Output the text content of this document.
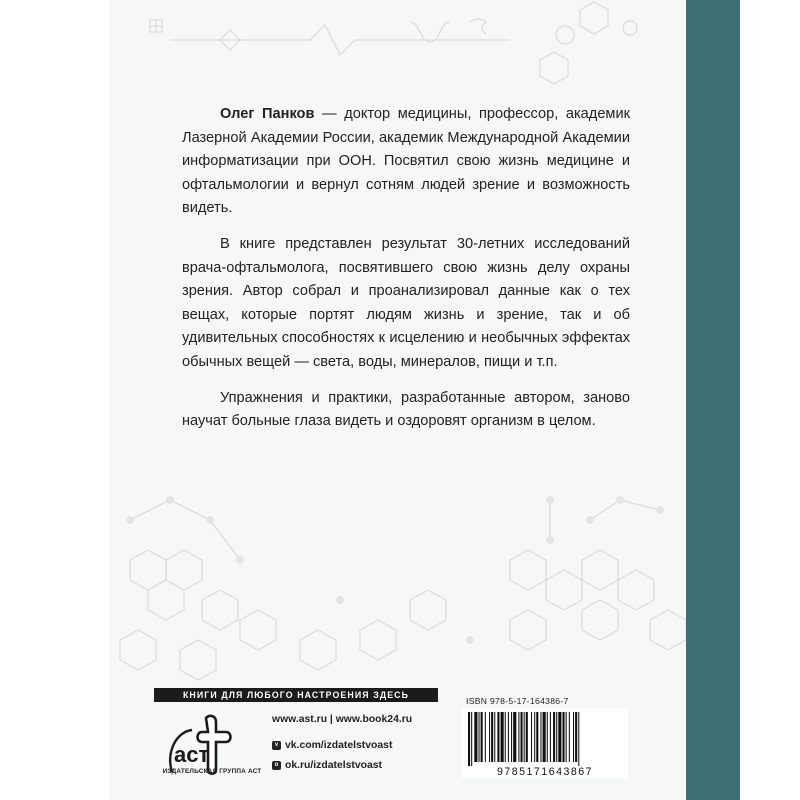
Олег Панков — доктор медицины, профессор, академик Лазерной Академии России, академик Международной Академии информатизации при ООН. Посвятил свою жизнь медицине и офтальмологии и вернул сотням людей зрение и возможность видеть.

В книге представлен результат 30-летних исследований врача-офтальмолога, посвятившего свою жизнь делу охраны зрения. Автор собрал и проанализировал данные как о тех вещах, которые портят людям жизнь и зрение, так и об удивительных способностях к исцелению и необычных эффектах обычных вещей — света, воды, минералов, пищи и т.п.

Упражнения и практики, разработанные автором, заново научат больные глаза видеть и оздоровят организм в целом.

КНИГИ ДЛЯ ЛЮБОГО НАСТРОЕНИЯ ЗДЕСЬ
аст
ИЗДАТЕЛЬСКАЯ ГРУППА АСТ
www.ast.ru | www.book24.ru
v vk.com/izdatelstvoast
o ok.ru/izdatelstvoast
ISBN 978-5-17-164386-7
9785171643867
